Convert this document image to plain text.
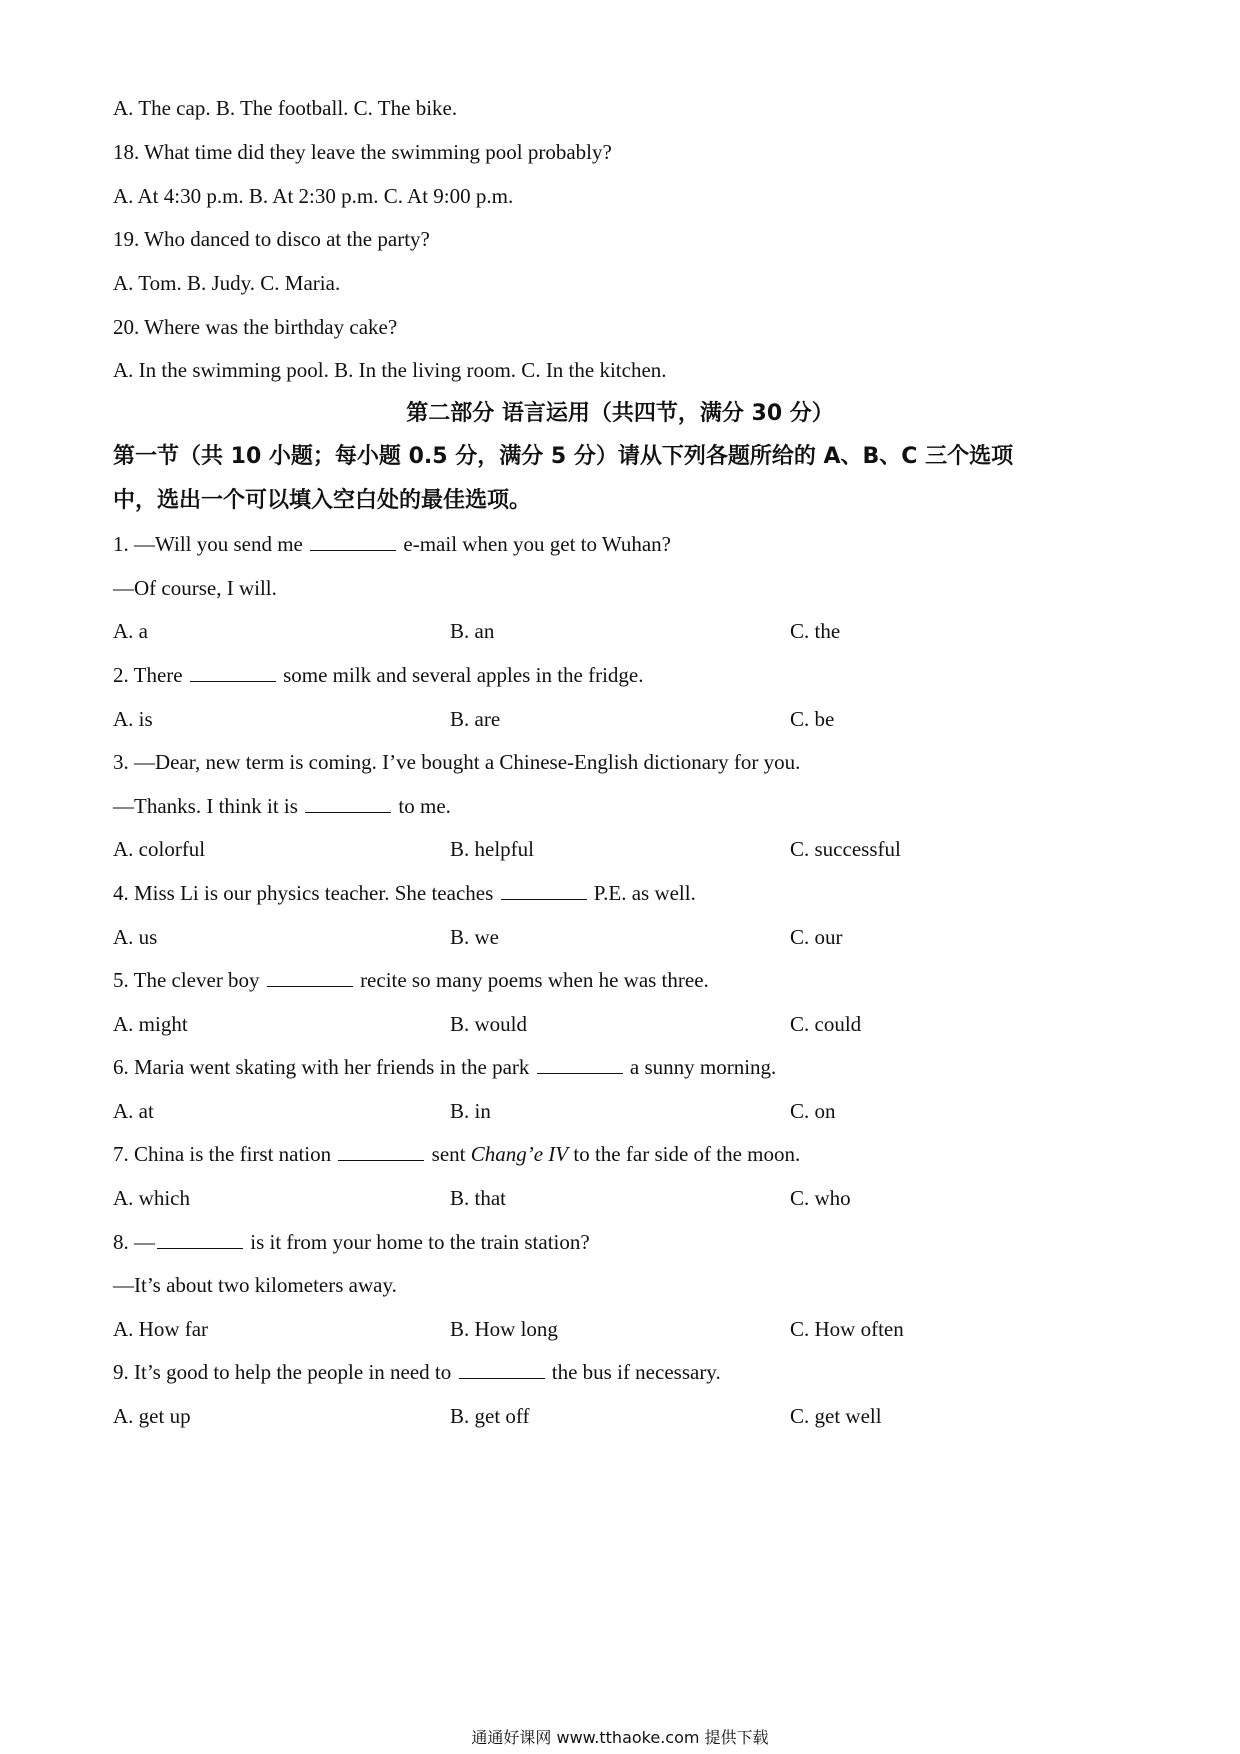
A. The cap. B. The football. C. The bike.
18. What time did they leave the swimming pool probably?
A. At 4:30 p.m. B. At 2:30 p.m. C. At 9:00 p.m.
19. Who danced to disco at the party?
A. Tom. B. Judy. C. Maria.
20. Where was the birthday cake?
A. In the swimming pool. B. In the living room. C. In the kitchen.
第二部分 语言运用（共四节，满分 30 分）
第一节（共 10 小题；每小题 0.5 分，满分 5 分）请从下列各题所给的 A、B、C 三个选项
中，选出一个可以填入空白处的最佳选项。
1. —Will you send me	e-mail when you get to Wuhan?
—Of course, I will.
A. a	B. an	C. the
2. There	some milk and several apples in the fridge.
A. is	B. are	C. be
3. —Dear, new term is coming. I’ve bought a Chinese-English dictionary for you.
—Thanks. I think it is	to me.
A. colorful	B. helpful	C. successful
4. Miss Li is our physics teacher. She teaches	P.E. as well.
A. us	B. we	C. our
5. The clever boy	recite so many poems when he was three.
A. might	B. would	C. could
6. Maria went skating with her friends in the park	a sunny morning.
A. at	B. in	C. on
7. China is the first nation	sent Chang’e IV to the far side of the moon.
A. which	B. that	C. who
8. —	is it from your home to the train station?
—It’s about two kilometers away.
A. How far	B. How long	C. How often
9. It’s good to help the people in need to	the bus if necessary.
A. get up	B. get off	C. get well
通通好课网 www.tthaoke.com 提供下载
